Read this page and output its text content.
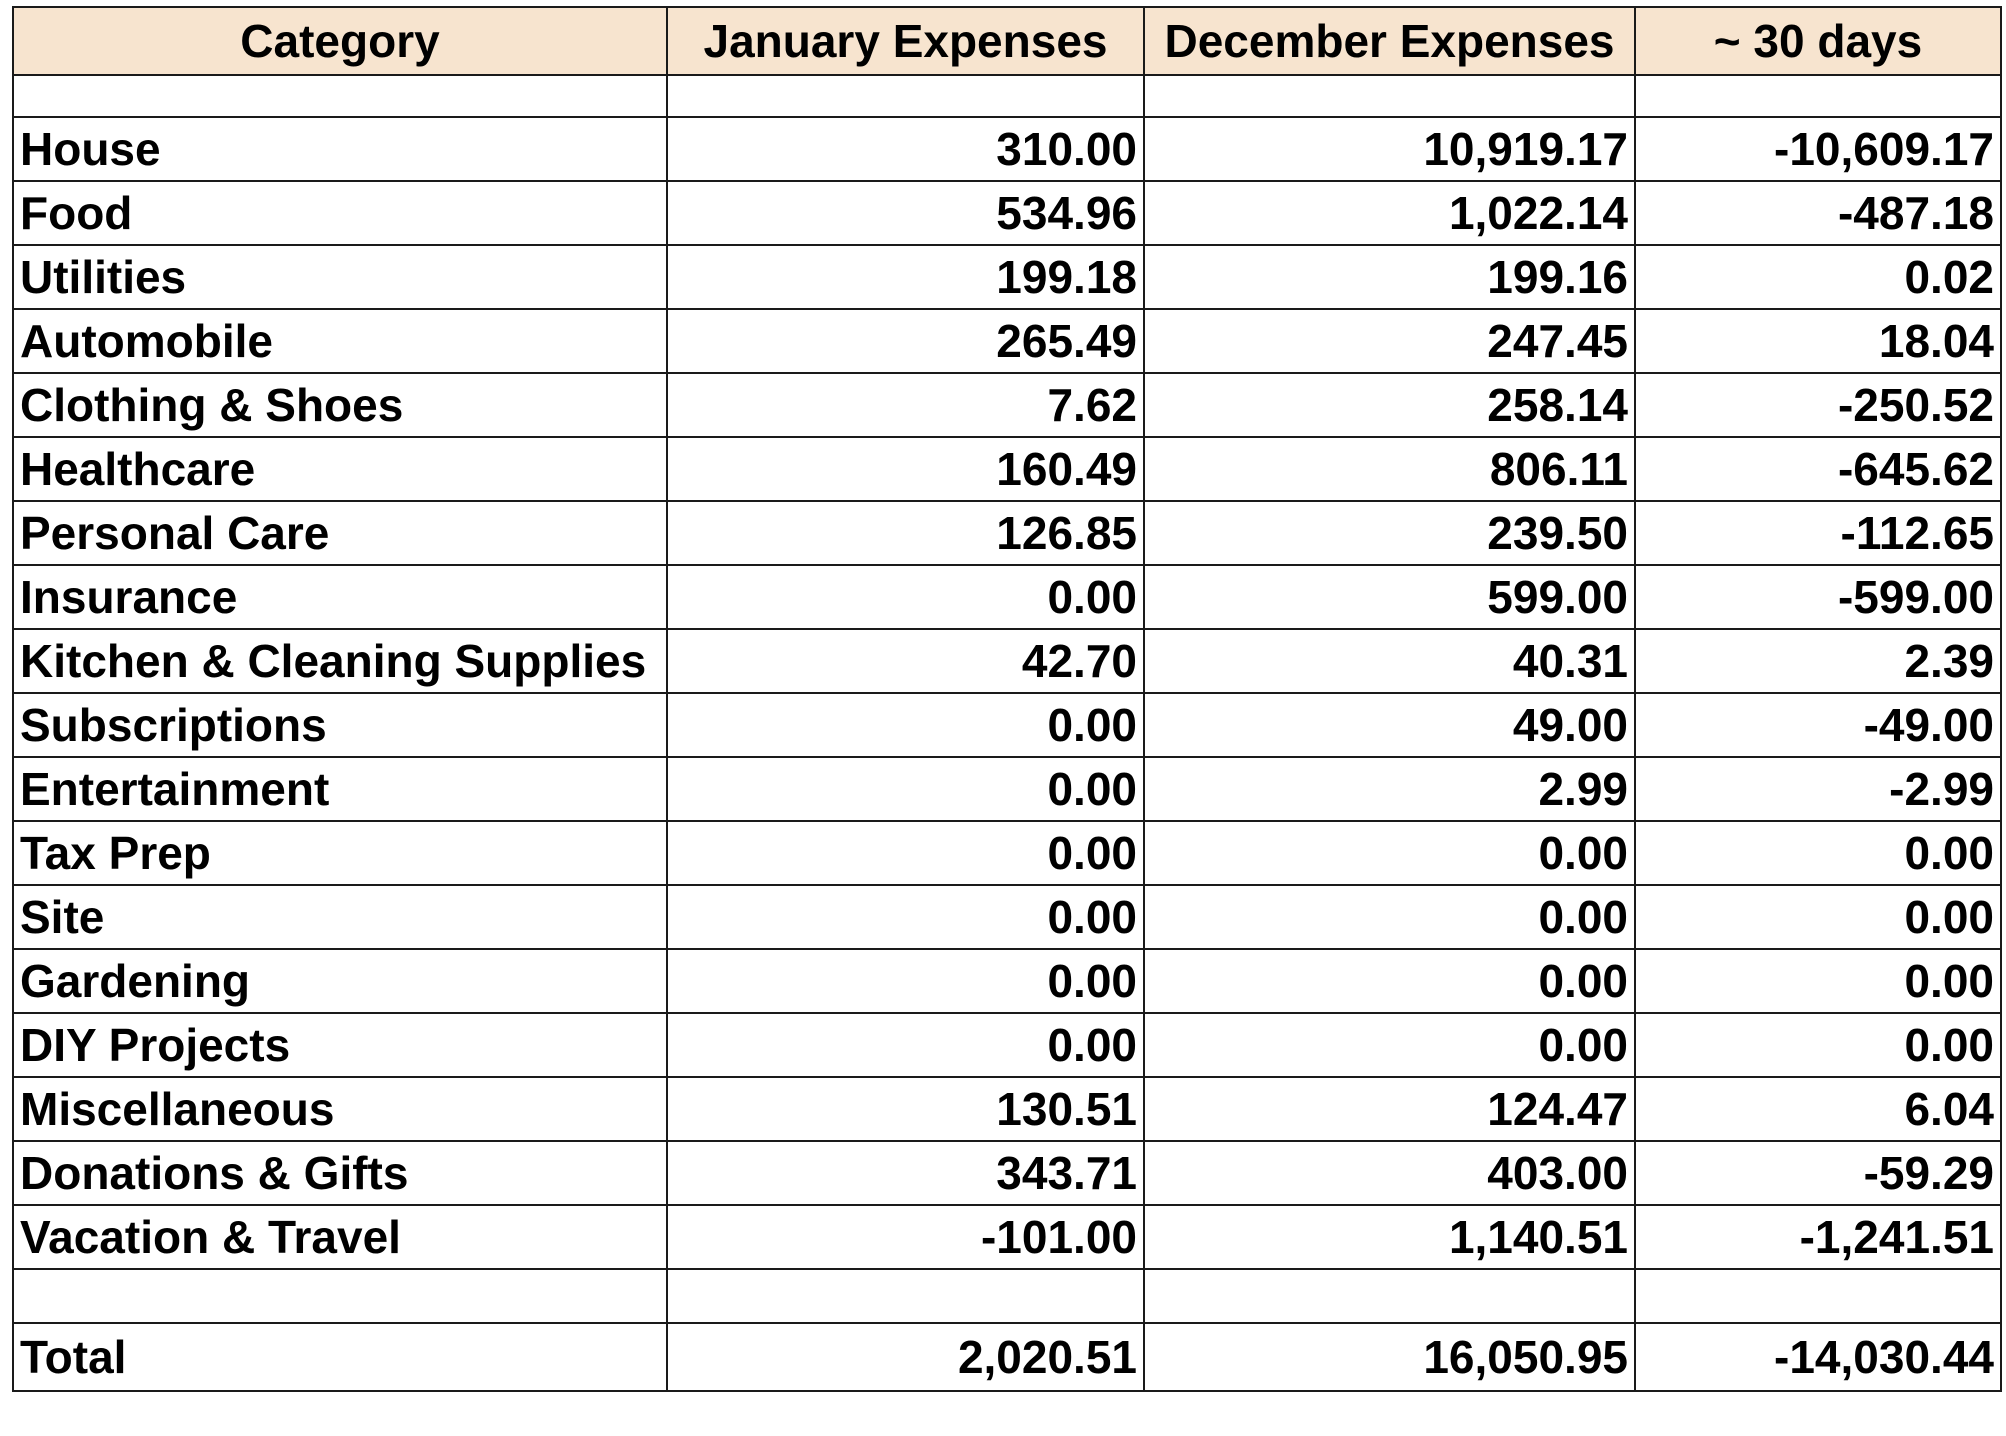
Category	January Expenses	December Expenses	~ 30 days

House	310.00	10,919.17	-10,609.17
Food	534.96	1,022.14	-487.18
Utilities	199.18	199.16	0.02
Automobile	265.49	247.45	18.04
Clothing & Shoes	7.62	258.14	-250.52
Healthcare	160.49	806.11	-645.62
Personal Care	126.85	239.50	-112.65
Insurance	0.00	599.00	-599.00
Kitchen & Cleaning Supplies	42.70	40.31	2.39
Subscriptions	0.00	49.00	-49.00
Entertainment	0.00	2.99	-2.99
Tax Prep	0.00	0.00	0.00
Site	0.00	0.00	0.00
Gardening	0.00	0.00	0.00
DIY Projects	0.00	0.00	0.00
Miscellaneous	130.51	124.47	6.04
Donations & Gifts	343.71	403.00	-59.29
Vacation & Travel	-101.00	1,140.51	-1,241.51

Total	2,020.51	16,050.95	-14,030.44
